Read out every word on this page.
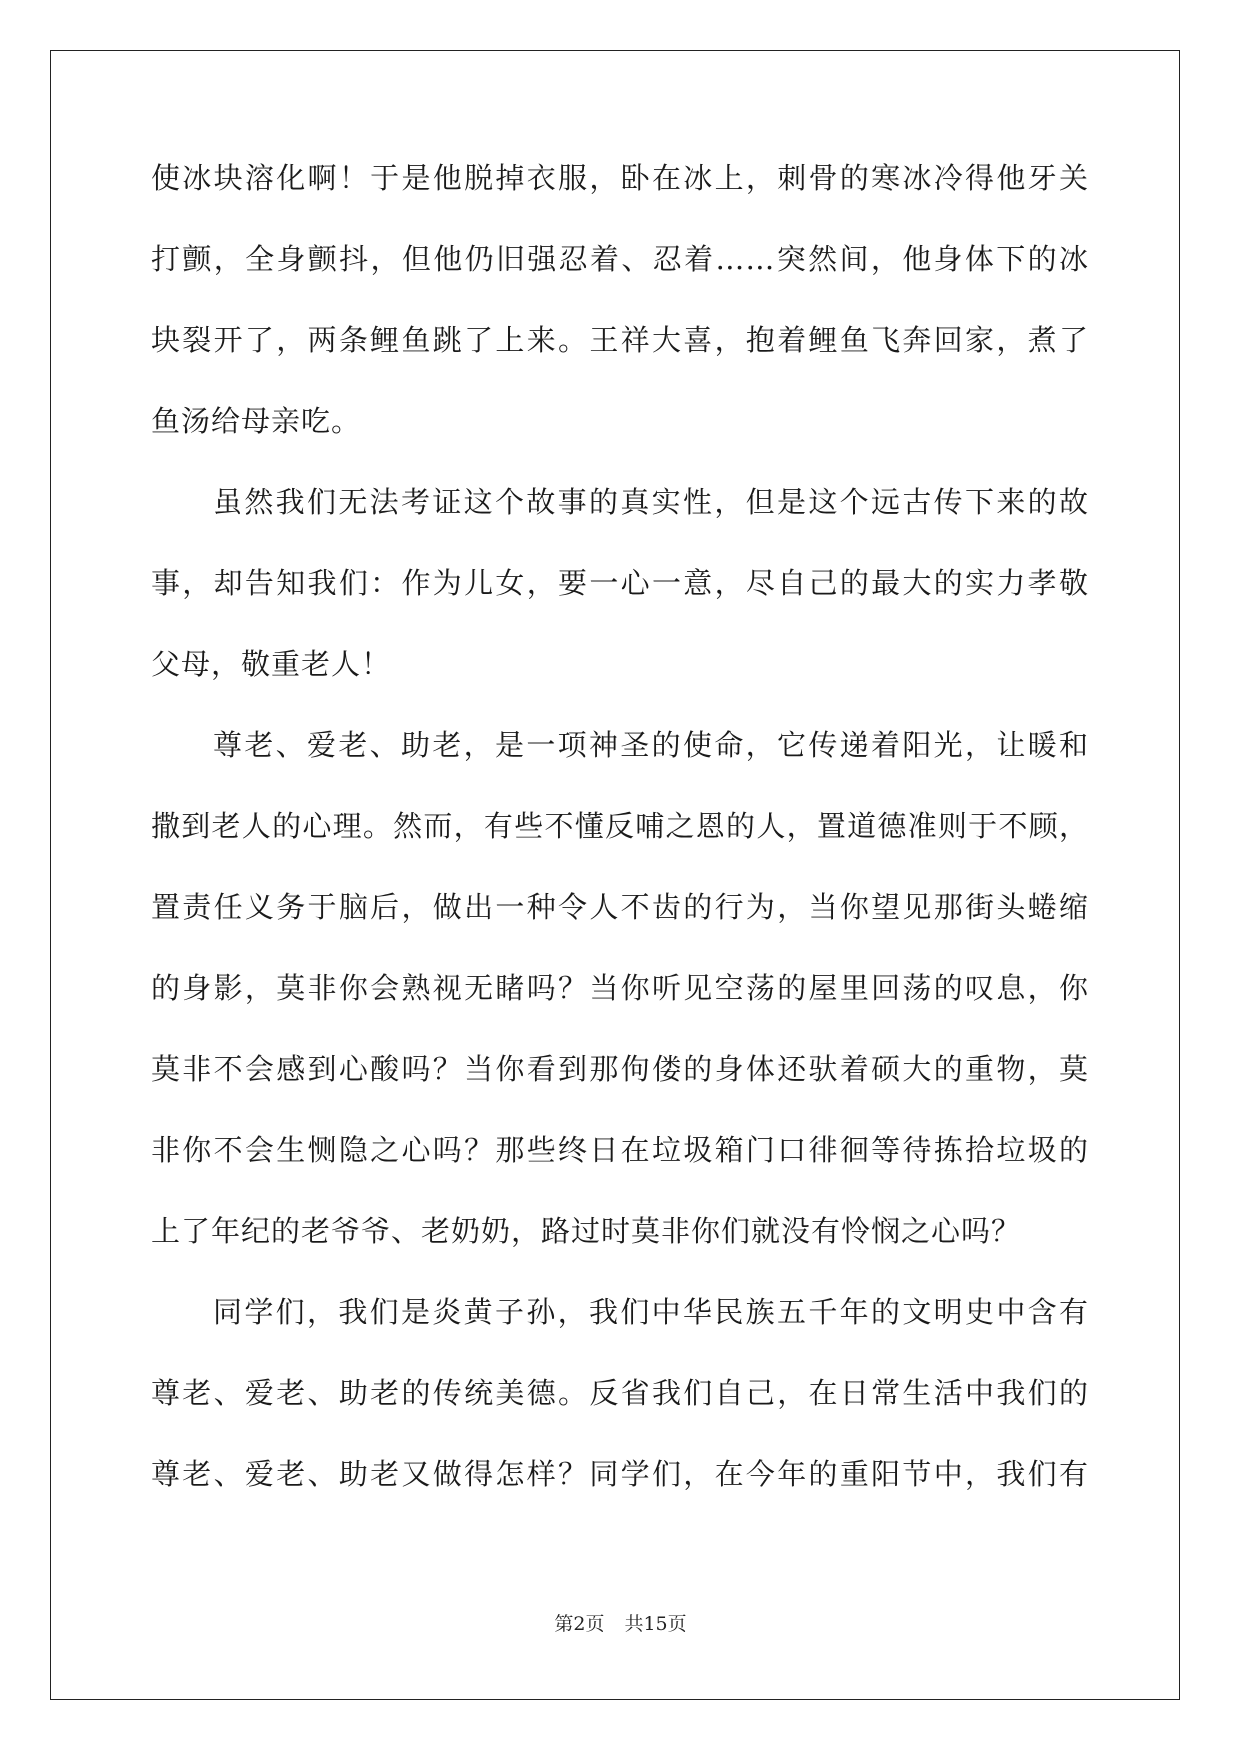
使冰块溶化啊！于是他脱掉衣服，卧在冰上，刺骨的寒冰冷得他牙关
打颤，全身颤抖，但他仍旧强忍着、忍着……突然间，他身体下的冰
块裂开了，两条鲤鱼跳了上来。王祥大喜，抱着鲤鱼飞奔回家，煮了
鱼汤给母亲吃。
虽然我们无法考证这个故事的真实性，但是这个远古传下来的故
事，却告知我们：作为儿女，要一心一意，尽自己的最大的实力孝敬
父母，敬重老人！
尊老、爱老、助老，是一项神圣的使命，它传递着阳光，让暖和
撒到老人的心理。然而，有些不懂反哺之恩的人，置道德准则于不顾，
置责任义务于脑后，做出一种令人不齿的行为，当你望见那街头蜷缩
的身影，莫非你会熟视无睹吗？当你听见空荡的屋里回荡的叹息，你
莫非不会感到心酸吗？当你看到那佝偻的身体还驮着硕大的重物，莫
非你不会生恻隐之心吗？那些终日在垃圾箱门口徘徊等待拣拾垃圾的
上了年纪的老爷爷、老奶奶，路过时莫非你们就没有怜悯之心吗？
同学们，我们是炎黄子孙，我们中华民族五千年的文明史中含有
尊老、爱老、助老的传统美德。反省我们自己，在日常生活中我们的
尊老、爱老、助老又做得怎样？同学们，在今年的重阳节中，我们有
第2页 共15页
